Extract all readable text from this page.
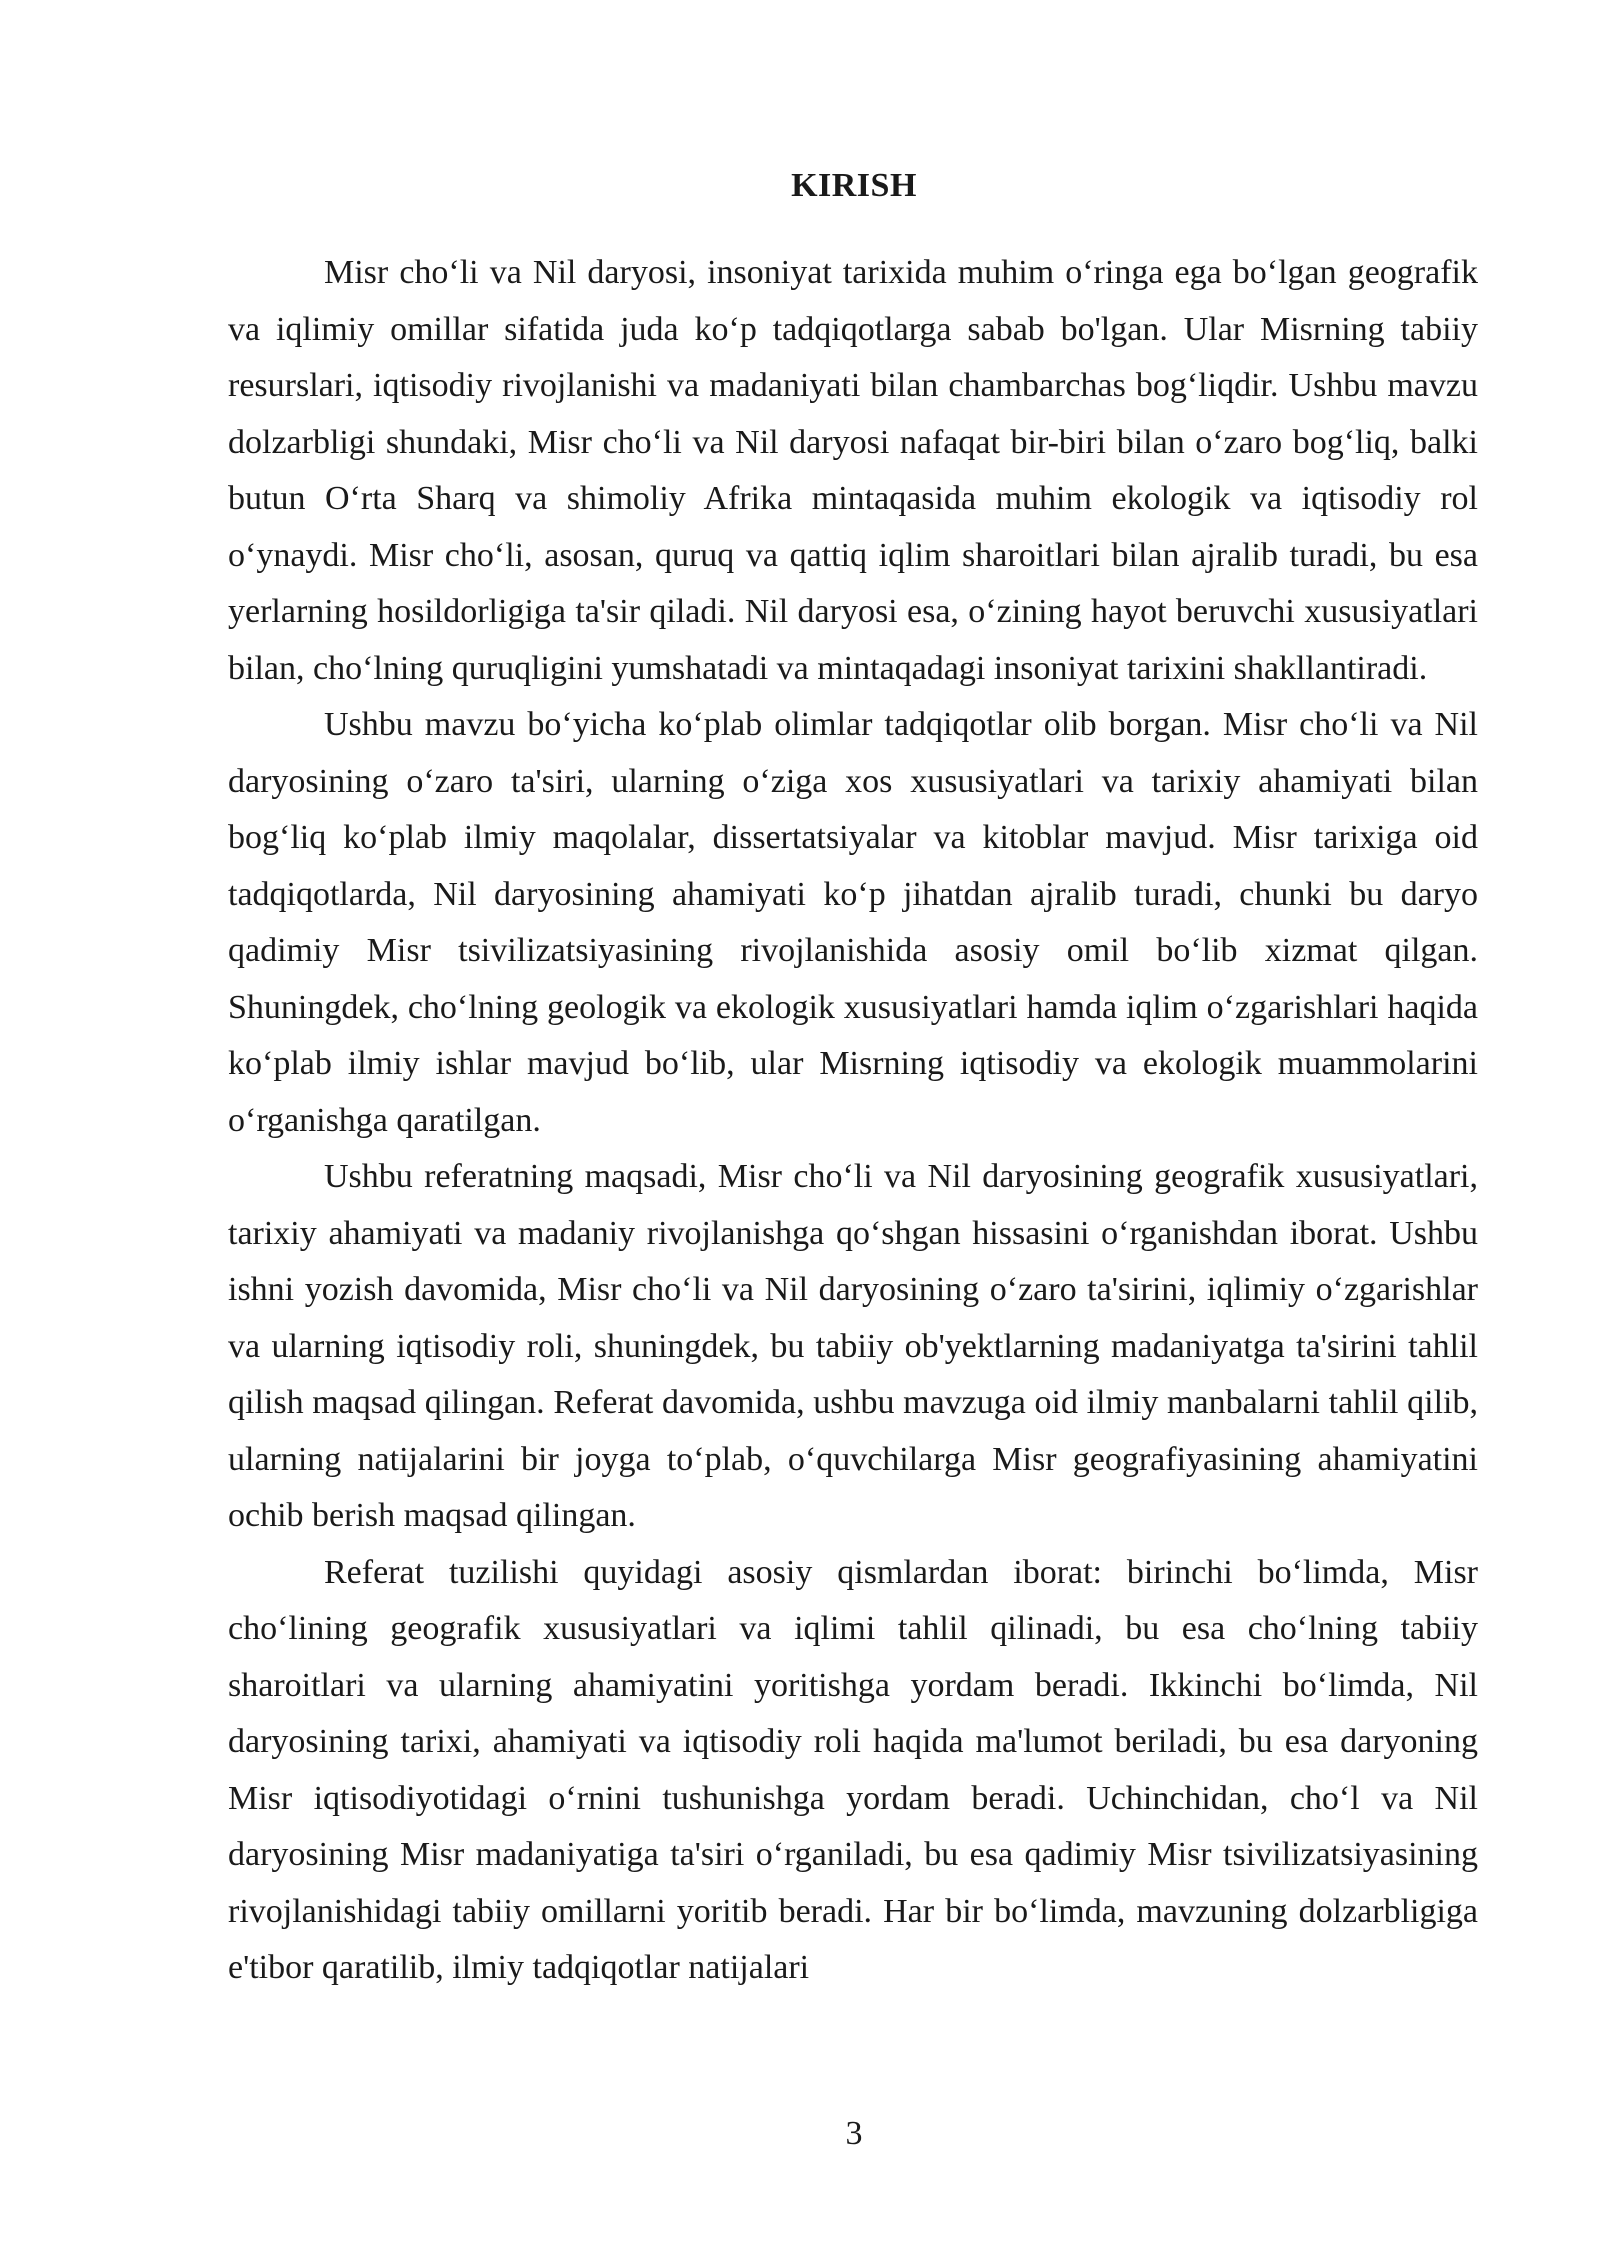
KIRISH

Misr cho‘li va Nil daryosi, insoniyat tarixida muhim o‘ringa ega bo‘lgan geografik va iqlimiy omillar sifatida juda ko‘p tadqiqotlarga sabab bo'lgan. Ular Misrning tabiiy resurslari, iqtisodiy rivojlanishi va madaniyati bilan chambarchas bog‘liqdir. Ushbu mavzu dolzarbligi shundaki, Misr cho‘li va Nil daryosi nafaqat bir-biri bilan o‘zaro bog‘liq, balki butun O‘rta Sharq va shimoliy Afrika mintaqasida muhim ekologik va iqtisodiy rol o‘ynaydi. Misr cho‘li, asosan, quruq va qattiq iqlim sharoitlari bilan ajralib turadi, bu esa yerlarning hosildorligiga ta'sir qiladi. Nil daryosi esa, o‘zining hayot beruvchi xususiyatlari bilan, cho‘lning quruqligini yumshatadi va mintaqadagi insoniyat tarixini shakllantiradi.

Ushbu mavzu bo‘yicha ko‘plab olimlar tadqiqotlar olib borgan. Misr cho‘li va Nil daryosining o‘zaro ta'siri, ularning o‘ziga xos xususiyatlari va tarixiy ahamiyati bilan bog‘liq ko‘plab ilmiy maqolalar, dissertatsiyalar va kitoblar mavjud. Misr tarixiga oid tadqiqotlarda, Nil daryosining ahamiyati ko‘p jihatdan ajralib turadi, chunki bu daryo qadimiy Misr tsivilizatsiyasining rivojlanishida asosiy omil bo‘lib xizmat qilgan. Shuningdek, cho‘lning geologik va ekologik xususiyatlari hamda iqlim o‘zgarishlari haqida ko‘plab ilmiy ishlar mavjud bo‘lib, ular Misrning iqtisodiy va ekologik muammolarini o‘rganishga qaratilgan.

Ushbu referatning maqsadi, Misr cho‘li va Nil daryosining geografik xususiyatlari, tarixiy ahamiyati va madaniy rivojlanishga qo‘shgan hissasini o‘rganishdan iborat. Ushbu ishni yozish davomida, Misr cho‘li va Nil daryosining o‘zaro ta'sirini, iqlimiy o‘zgarishlar va ularning iqtisodiy roli, shuningdek, bu tabiiy ob'yektlarning madaniyatga ta'sirini tahlil qilish maqsad qilingan. Referat davomida, ushbu mavzuga oid ilmiy manbalarni tahlil qilib, ularning natijalarini bir joyga to‘plab, o‘quvchilarga Misr geografiyasining ahamiyatini ochib berish maqsad qilingan.

Referat tuzilishi quyidagi asosiy qismlardan iborat: birinchi bo‘limda, Misr cho‘lining geografik xususiyatlari va iqlimi tahlil qilinadi, bu esa cho‘lning tabiiy sharoitlari va ularning ahamiyatini yoritishga yordam beradi. Ikkinchi bo‘limda, Nil daryosining tarixi, ahamiyati va iqtisodiy roli haqida ma'lumot beriladi, bu esa daryoning Misr iqtisodiyotidagi o‘rnini tushunishga yordam beradi. Uchinchidan, cho‘l va Nil daryosining Misr madaniyatiga ta'siri o‘rganiladi, bu esa qadimiy Misr tsivilizatsiyasining rivojlanishidagi tabiiy omillarni yoritib beradi. Har bir bo‘limda, mavzuning dolzarbligiga e'tibor qaratilib, ilmiy tadqiqotlar natijalari

3
